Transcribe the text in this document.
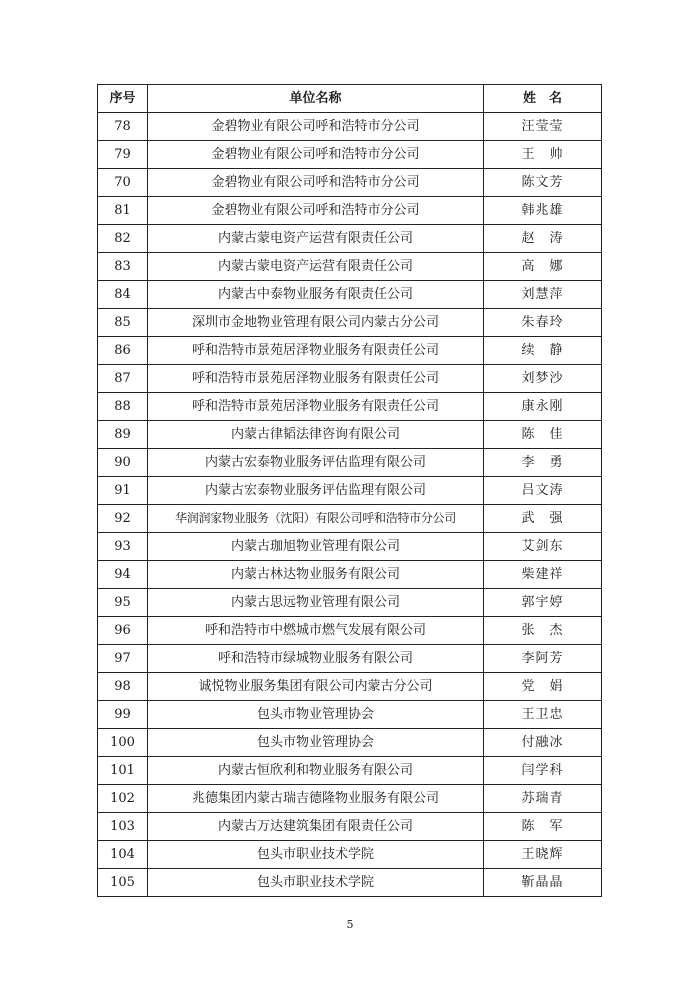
序号	单位名称	姓　名
78	金碧物业有限公司呼和浩特市分公司	汪莹莹
79	金碧物业有限公司呼和浩特市分公司	王　帅
70	金碧物业有限公司呼和浩特市分公司	陈文芳
81	金碧物业有限公司呼和浩特市分公司	韩兆雄
82	内蒙古蒙电资产运营有限责任公司	赵　涛
83	内蒙古蒙电资产运营有限责任公司	高　娜
84	内蒙古中泰物业服务有限责任公司	刘慧萍
85	深圳市金地物业管理有限公司内蒙古分公司	朱春玲
86	呼和浩特市景苑居泽物业服务有限责任公司	续　静
87	呼和浩特市景苑居泽物业服务有限责任公司	刘梦沙
88	呼和浩特市景苑居泽物业服务有限责任公司	康永刚
89	内蒙古律韬法律咨询有限公司	陈　佳
90	内蒙古宏泰物业服务评估监理有限公司	李　勇
91	内蒙古宏泰物业服务评估监理有限公司	吕文涛
92	华润润家物业服务（沈阳）有限公司呼和浩特市分公司	武　强
93	内蒙古珈旭物业管理有限公司	艾剑东
94	内蒙古林达物业服务有限公司	柴建祥
95	内蒙古思远物业管理有限公司	郭宇婷
96	呼和浩特市中燃城市燃气发展有限公司	张　杰
97	呼和浩特市绿城物业服务有限公司	李阿芳
98	诚悦物业服务集团有限公司内蒙古分公司	党　娟
99	包头市物业管理协会	王卫忠
100	包头市物业管理协会	付融冰
101	内蒙古恒欣利和物业服务有限公司	闫学科
102	兆德集团内蒙古瑞吉德隆物业服务有限公司	苏瑞青
103	内蒙古万达建筑集团有限责任公司	陈　军
104	包头市职业技术学院	王晓辉
105	包头市职业技术学院	靳晶晶
5
